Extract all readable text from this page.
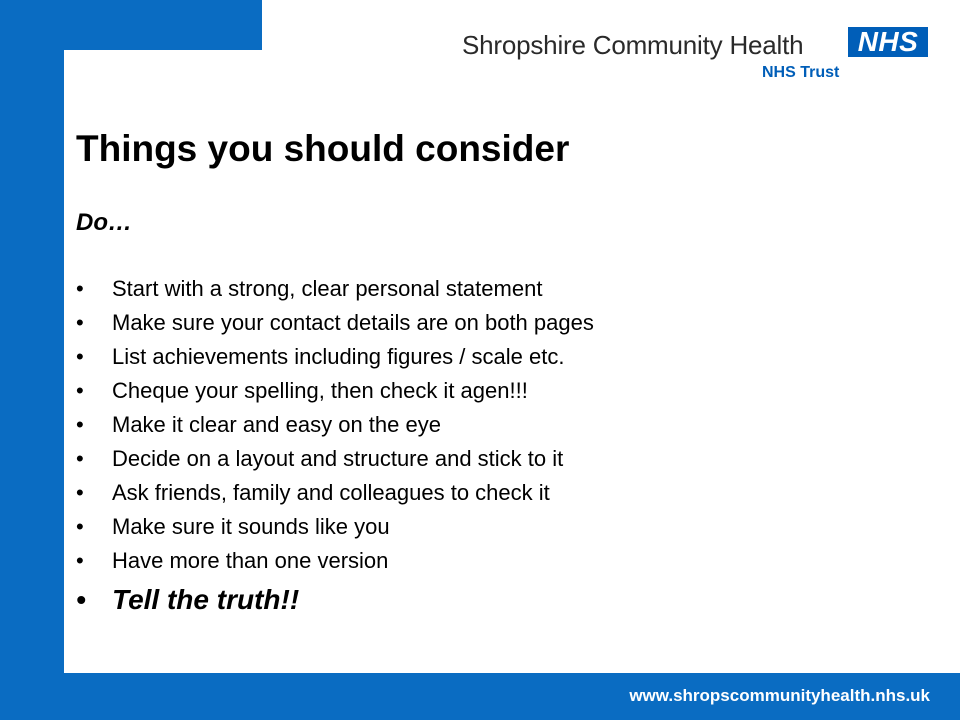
Shropshire Community Health	NHS
NHS Trust
Things you should consider
Do…
• Start with a strong, clear personal statement
• Make sure your contact details are on both pages
• List achievements including figures / scale etc.
• Cheque your spelling, then check it agen!!!
• Make it clear and easy on the eye
• Decide on a layout and structure and stick to it
• Ask friends, family and colleagues to check it
• Make sure it sounds like you
• Have more than one version
• Tell the truth!!
www.shropscommunityhealth.nhs.uk
